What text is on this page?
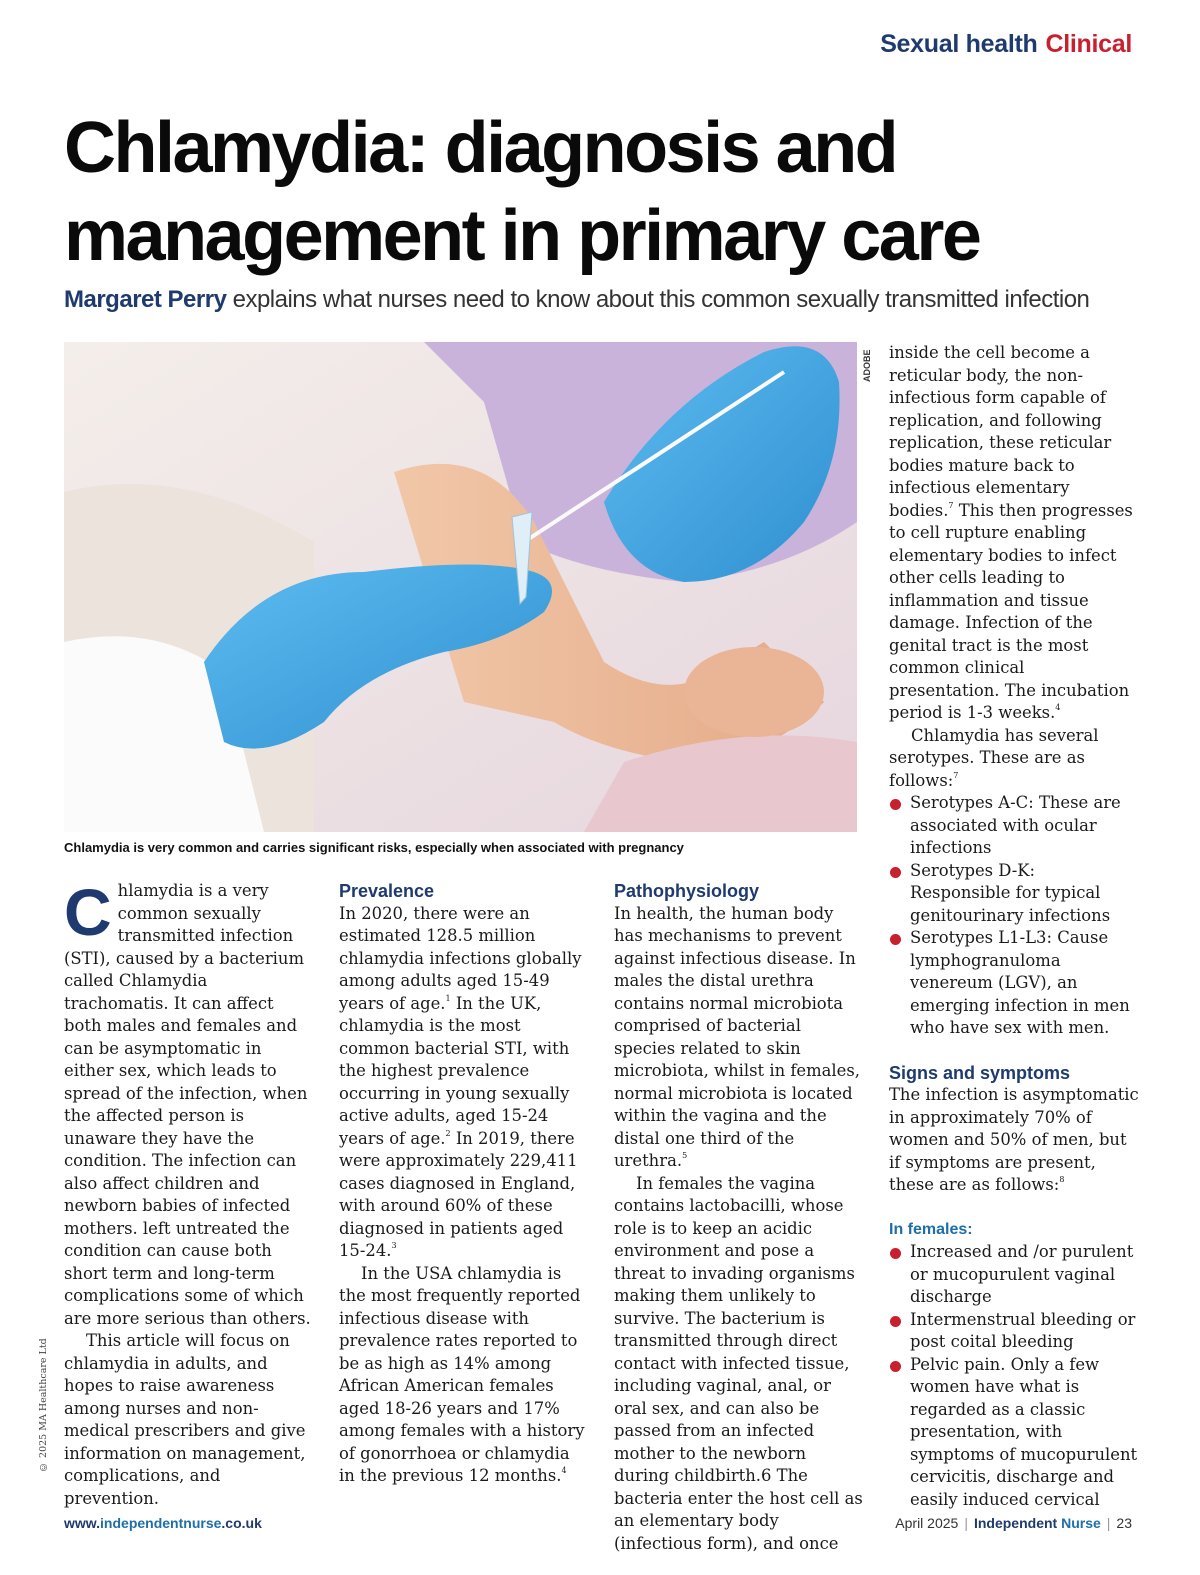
Sexual health Clinical
Chlamydia: diagnosis and
management in primary care
Margaret Perry explains what nurses need to know about this common sexually transmitted infection
ADOBE
Chlamydia is very common and carries significant risks, especially when associated with pregnancy

Chlamydia is a very common sexually transmitted infection (STI), caused by a bacterium called Chlamydia trachomatis. It can affect both males and females and can be asymptomatic in either sex, which leads to spread of the infection, when the affected person is unaware they have the condition. The infection can also affect children and newborn babies of infected mothers. left untreated the condition can cause both short term and long-term complications some of which are more serious than others.

This article will focus on chlamydia in adults, and hopes to raise awareness among nurses and non-medical prescribers and give information on management, complications, and prevention.

Prevalence

In 2020, there were an estimated 128.5 million chlamydia infections globally among adults aged 15-49 years of age.$^1$ In the UK, chlamydia is the most common bacterial STI, with the highest prevalence occurring in young sexually active adults, aged 15-24 years of age.$^2$ In 2019, there were approximately 229,411 cases diagnosed in England, with around 60% of these diagnosed in patients aged 15-24.$^3$

In the USA chlamydia is the most frequently reported infectious disease with prevalence rates reported to be as high as 14% among African American females aged 18-26 years and 17% among females with a history of gonorrhoea or chlamydia in the previous 12 months.$^4$

Pathophysiology

In health, the human body has mechanisms to prevent against infectious disease. In males the distal urethra contains normal microbiota comprised of bacterial species related to skin microbiota, whilst in females, normal microbiota is located within the vagina and the distal one third of the urethra.$^5$

In females the vagina contains lactobacilli, whose role is to keep an acidic environment and pose a threat to invading organisms making them unlikely to survive. The bacterium is transmitted through direct contact with infected tissue, including vaginal, anal, or oral sex, and can also be passed from an infected mother to the newborn during childbirth.6 The bacteria enter the host cell as an elementary body (infectious form), and once

inside the cell become a reticular body, the non-infectious form capable of replication, and following replication, these reticular bodies mature back to infectious elementary bodies.$^7$ This then progresses to cell rupture enabling elementary bodies to infect other cells leading to inflammation and tissue damage. Infection of the genital tract is the most common clinical presentation. The incubation period is 1-3 weeks.$^4$

Chlamydia has several serotypes. These are as follows:$^7$

Serotypes A-C: These are associated with ocular infections
Serotypes D-K: Responsible for typical genitourinary infections
Serotypes L1-L3: Cause lymphogranuloma venereum (LGV), an emerging infection in men who have sex with men.
Signs and symptoms

The infection is asymptomatic in approximately 70% of women and 50% of men, but if symptoms are present, these are as follows:$^8$

In females:
Increased and /or purulent or mucopurulent vaginal discharge
Intermenstrual bleeding or post coital bleeding
Pelvic pain. Only a few women have what is regarded as a classic presentation, with symptoms of mucopurulent cervicitis, discharge and easily induced cervical
© 2025 MA Healthcare Ltd
www.independentnurse.co.uk	April 2025 | Independent Nurse | 23
